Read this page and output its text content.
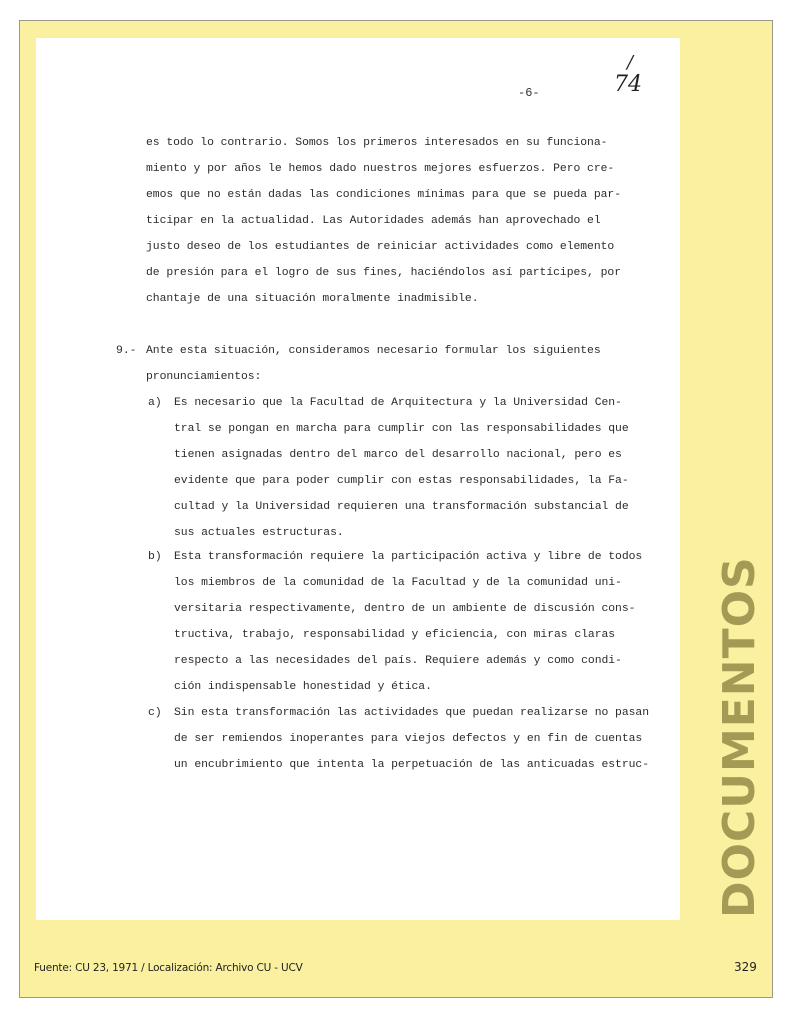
-6-
/
74
es todo lo contrario. Somos los primeros interesados en su funciona-
miento y por años le hemos dado nuestros mejores esfuerzos. Pero cre-
emos que no están dadas las condiciones mínimas para que se pueda par-
ticipar en la actualidad. Las Autoridades además han aprovechado el
justo deseo de los estudiantes de reiniciar actividades como elemento
de presión para el logro de sus fines, haciéndolos así partícipes, por
chantaje de una situación moralmente inadmisible.
9.- Ante esta situación, consideramos necesario formular los siguientes
pronunciamientos:
a) Es necesario que la Facultad de Arquitectura y la Universidad Cen-
tral se pongan en marcha para cumplir con las responsabilidades que
tienen asignadas dentro del marco del desarrollo nacional, pero es
evidente que para poder cumplir con estas responsabilidades, la Fa-
cultad y la Universidad requieren una transformación substancial de
sus actuales estructuras.
b) Esta transformación requiere la participación activa y libre de todos
los miembros de la comunidad de la Facultad y de la comunidad uni-
versitaria respectivamente, dentro de un ambiente de discusión cons-
tructiva, trabajo, responsabilidad y eficiencia, con miras claras
respecto a las necesidades del país. Requiere además y como condi-
ción indispensable honestidad y ética.
c) Sin esta transformación las actividades que puedan realizarse no pasan
de ser remiendos inoperantes para viejos defectos y en fin de cuentas
un encubrimiento que intenta la perpetuación de las anticuadas estruc- DOCUMENTOS
Fuente: CU 23, 1971 / Localización: Archivo CU - UCV	329
